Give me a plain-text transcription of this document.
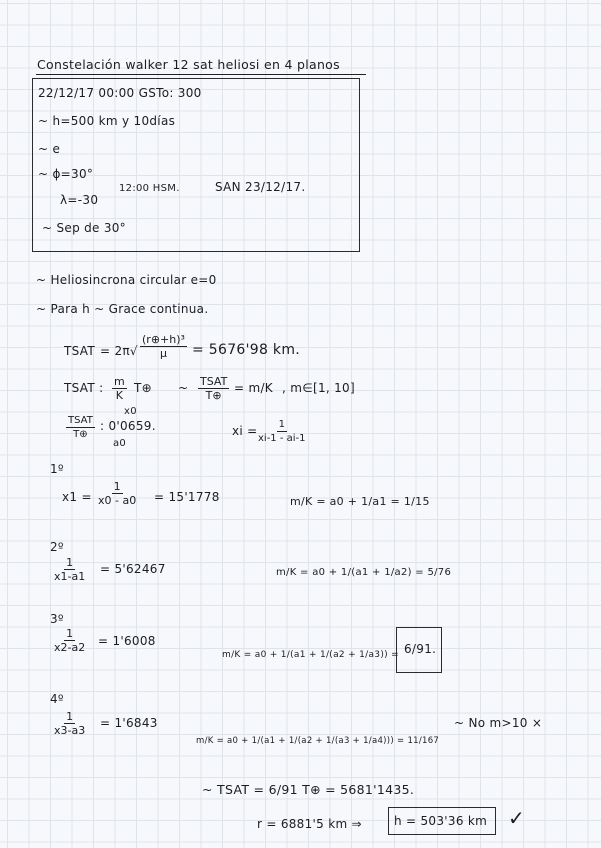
Constelación walker 12 sat heliosi en 4 planos
22/12/17 00:00 GSTo: 300
~ h=500 km y 10días
~ e
~ ϕ=30°
λ=-30
12:00 HSM.	SAN 23/12/17.
~ Sep de 30°
~ Heliosincrona circular e=0
~ Para h ~ Grace continua.
TSAT = $2\pi√ \frac{\text{(r⊕+h)³}}{\mu} = 5676'98$ km.
TSAT : $\frac{m}{K}$ T⊕ ~ TSAT
T⊕
= m/K , m∈[1, 10]
TSAT
T⊕
x0
: 0'0659.
a0
xi = $\frac{1}{xi-1 - ai-1}$
1º
$x1 = \frac{1}{x0 - a0} = 15'1778$	m/K = a0 + 1/a1 = 1/15
2º
$\frac{1}{x1-a1} = 5'62467$	m/K = a0 + 1/(a1 + 1/a2) = 5/76
3º
$\frac{1}{x2-a2} = 1'6008$
m/K = a0 + 1/(a1 + 1/(a2 + 1/a3)) = 6/91.
4º
$\frac{1}{x3-a3} = 1'6843$
m/K = a0 + 1/(a1 + 1/(a2 + 1/(a3 + 1/a4))) = 11/167
~ No m>10 ×
~ TSAT = 6/91 T⊕ = 5681'1435.
r = 6881'5 km ⇒	h = 503'36 km ✓
